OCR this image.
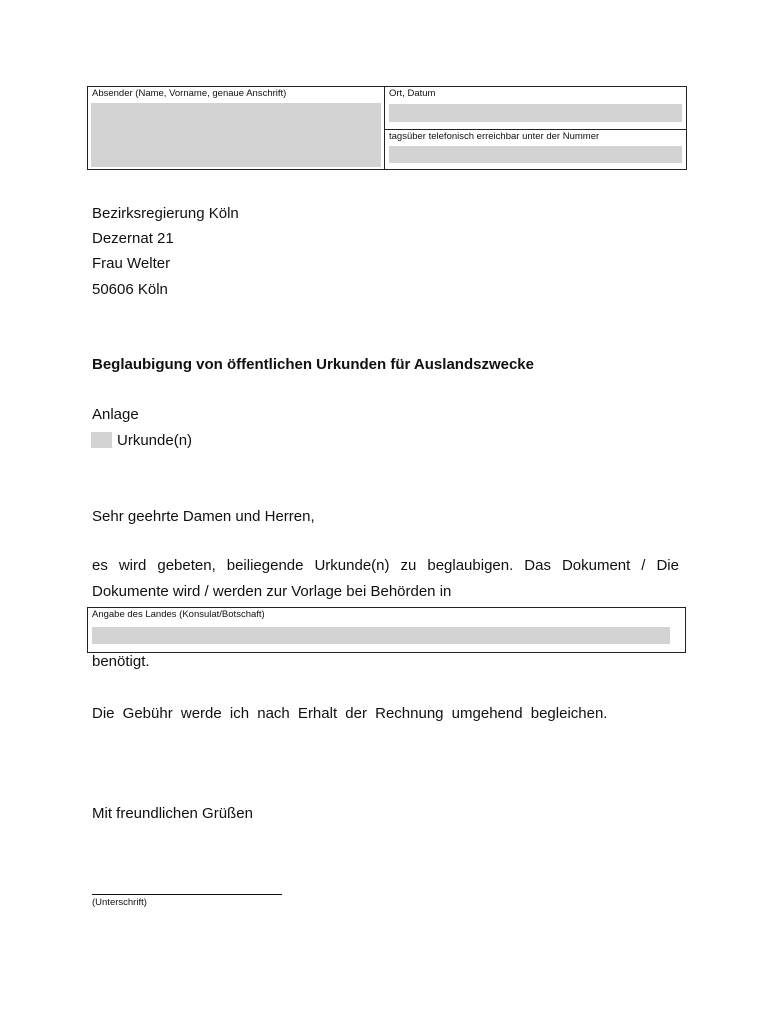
Absender (Name, Vorname, genaue Anschrift)	Ort, Datum
tagsüber telefonisch erreichbar unter der Nummer
Bezirksregierung Köln
Dezernat 21
Frau Welter
50606 Köln
Beglaubigung von öffentlichen Urkunden für Auslandszwecke
Anlage
Urkunde(n)
Sehr geehrte Damen und Herren,
es wird gebeten, beiliegende Urkunde(n) zu beglaubigen. Das Dokument / Die
Dokumente wird / werden zur Vorlage bei Behörden in
Angabe des Landes (Konsulat/Botschaft)
benötigt.
Die Gebühr werde ich nach Erhalt der Rechnung umgehend begleichen.
Mit freundlichen Grüßen
(Unterschrift)
